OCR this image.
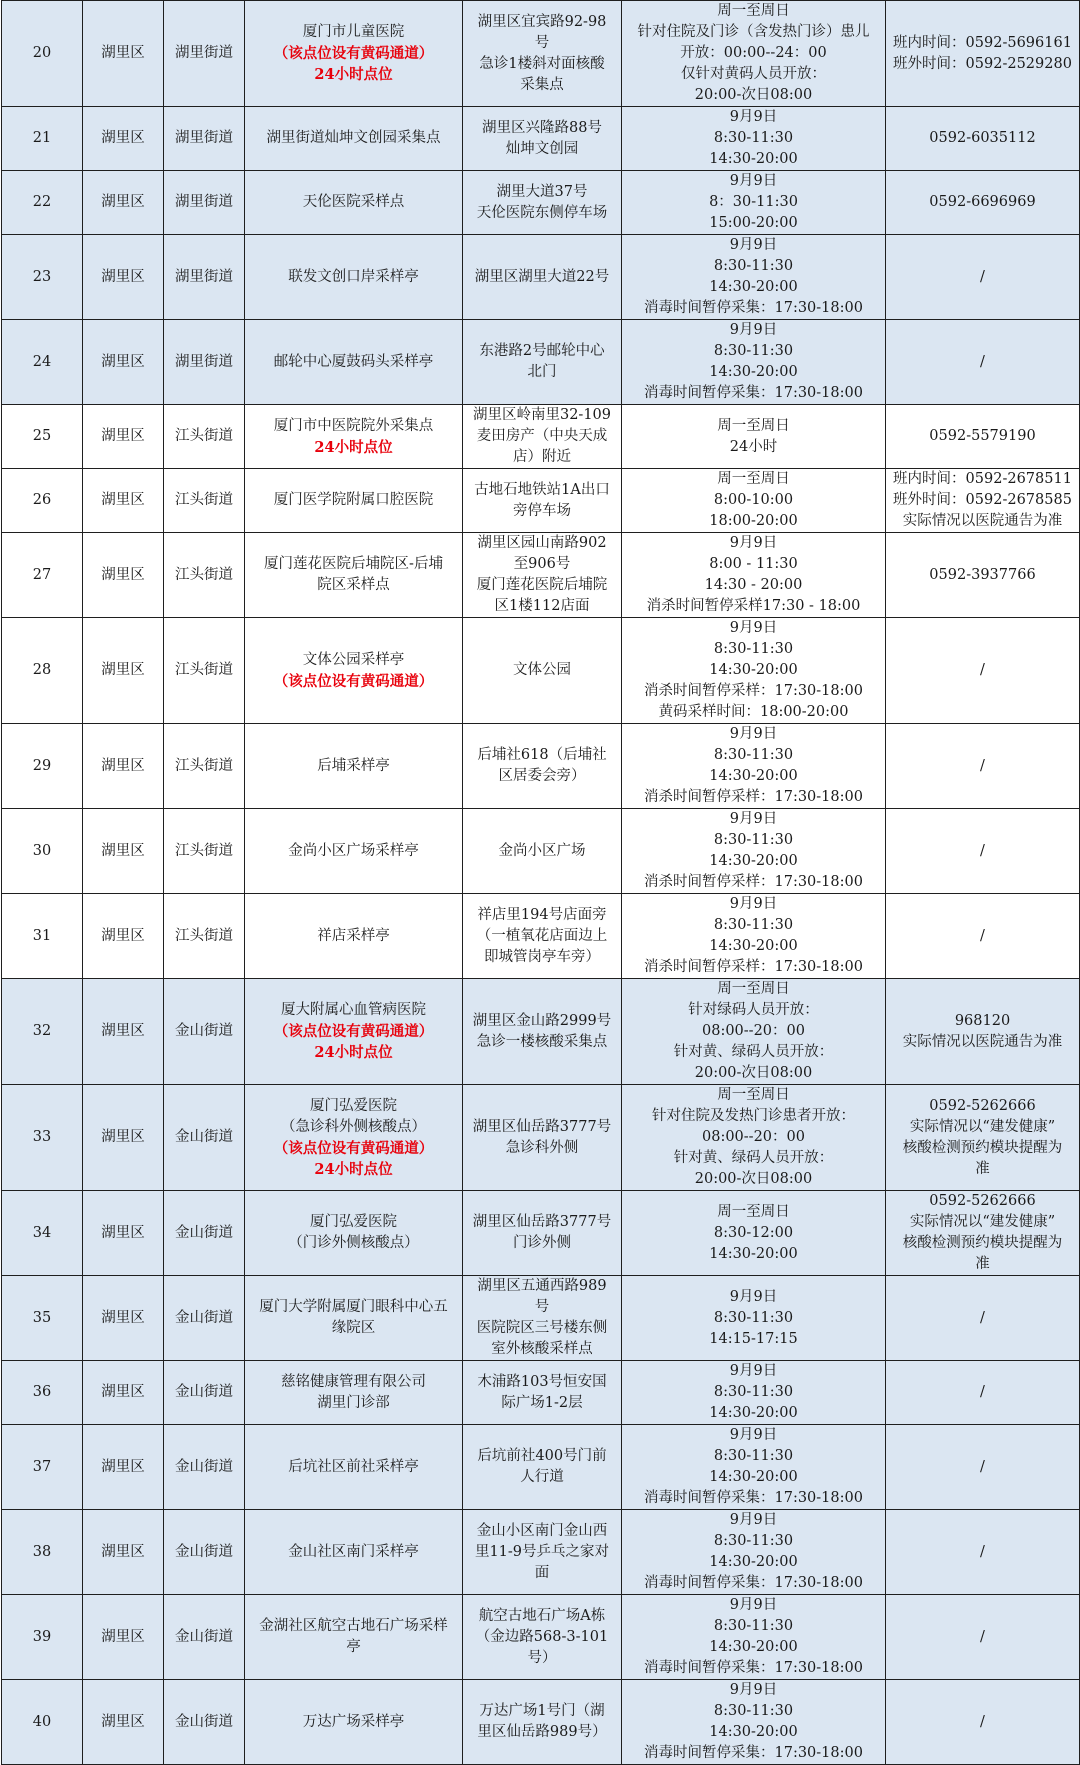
20	湖里区	湖里街道	厦门市儿童医院
（该点位设有黄码通道）
24小时点位	湖里区宜宾路92-98
号
急诊1楼斜对面核酸
采集点	周一至周日
针对住院及门诊（含发热门诊）患儿
开放：00:00--24：00
仅针对黄码人员开放：
20:00-次日08:00	班内时间：0592-5696161
班外时间：0592-2529280

21	湖里区	湖里街道	湖里街道灿坤文创园采集点	湖里区兴隆路88号
灿坤文创园	9月9日
8:30-11:30
14:30-20:00	0592-6035112

22	湖里区	湖里街道	天伦医院采样点	湖里大道37号
天伦医院东侧停车场	9月9日
8：30-11:30
15:00-20:00	0592-6696969

23	湖里区	湖里街道	联发文创口岸采样亭	湖里区湖里大道22号	9月9日
8:30-11:30
14:30-20:00
消毒时间暂停采集：17:30-18:00	/

24	湖里区	湖里街道	邮轮中心厦鼓码头采样亭	东港路2号邮轮中心
北门	9月9日
8:30-11:30
14:30-20:00
消毒时间暂停采集：17:30-18:00	/

25	湖里区	江头街道	厦门市中医院院外采集点
24小时点位	湖里区岭南里32-109
麦田房产（中央天成
店）附近	周一至周日
24小时	0592-5579190

26	湖里区	江头街道	厦门医学院附属口腔医院	古地石地铁站1A出口
旁停车场	周一至周日
8:00-10:00
18:00-20:00	班内时间：0592-2678511
班外时间：0592-2678585
实际情况以医院通告为准

27	湖里区	江头街道	厦门莲花医院后埔院区-后埔
院区采样点	湖里区园山南路902
至906号
厦门莲花医院后埔院
区1楼112店面	9月9日
8:00 - 11:30
14:30 - 20:00
消杀时间暂停采样17:30 - 18:00	0592-3937766

28	湖里区	江头街道	文体公园采样亭
（该点位设有黄码通道）	文体公园	9月9日
8:30-11:30
14:30-20:00
消杀时间暂停采样：17:30-18:00
黄码采样时间：18:00-20:00	/

29	湖里区	江头街道	后埔采样亭	后埔社618（后埔社
区居委会旁）	9月9日
8:30-11:30
14:30-20:00
消杀时间暂停采样：17:30-18:00	/

30	湖里区	江头街道	金尚小区广场采样亭	金尚小区广场	9月9日
8:30-11:30
14:30-20:00
消杀时间暂停采样：17:30-18:00	/

31	湖里区	江头街道	祥店采样亭	祥店里194号店面旁
（一植氧花店面边上
即城管岗亭车旁）	9月9日
8:30-11:30
14:30-20:00
消杀时间暂停采样：17:30-18:00	/

32	湖里区	金山街道	厦大附属心血管病医院
（该点位设有黄码通道）
24小时点位	湖里区金山路2999号
急诊一楼核酸采集点	周一至周日
针对绿码人员开放：
08:00--20：00
针对黄、绿码人员开放：
20:00-次日08:00	968120
实际情况以医院通告为准

33	湖里区	金山街道	厦门弘爱医院
（急诊科外侧核酸点）
（该点位设有黄码通道）
24小时点位	湖里区仙岳路3777号
急诊科外侧	周一至周日
针对住院及发热门诊患者开放：
08:00--20：00
针对黄、绿码人员开放：
20:00-次日08:00	0592-5262666
实际情况以“建发健康”
核酸检测预约模块提醒为
准

34	湖里区	金山街道	厦门弘爱医院
（门诊外侧核酸点）	湖里区仙岳路3777号
门诊外侧	周一至周日
8:30-12:00
14:30-20:00	0592-5262666
实际情况以“建发健康”
核酸检测预约模块提醒为
准

35	湖里区	金山街道	厦门大学附属厦门眼科中心五
缘院区	湖里区五通西路989
号
医院院区三号楼东侧
室外核酸采样点	9月9日
8:30-11:30
14:15-17:15	/

36	湖里区	金山街道	慈铭健康管理有限公司
湖里门诊部	木浦路103号恒安国
际广场1-2层	9月9日
8:30-11:30
14:30-20:00	/

37	湖里区	金山街道	后坑社区前社采样亭	后坑前社400号门前
人行道	9月9日
8:30-11:30
14:30-20:00
消毒时间暂停采集：17:30-18:00	/

38	湖里区	金山街道	金山社区南门采样亭	金山小区南门金山西
里11-9号乒乓之家对
面	9月9日
8:30-11:30
14:30-20:00
消毒时间暂停采集：17:30-18:00	/

39	湖里区	金山街道	金湖社区航空古地石广场采样
亭	航空古地石广场A栋
（金边路568-3-101
号）	9月9日
8:30-11:30
14:30-20:00
消毒时间暂停采集：17:30-18:00	/

40	湖里区	金山街道	万达广场采样亭	万达广场1号门（湖
里区仙岳路989号）	9月9日
8:30-11:30
14:30-20:00
消毒时间暂停采集：17:30-18:00	/
